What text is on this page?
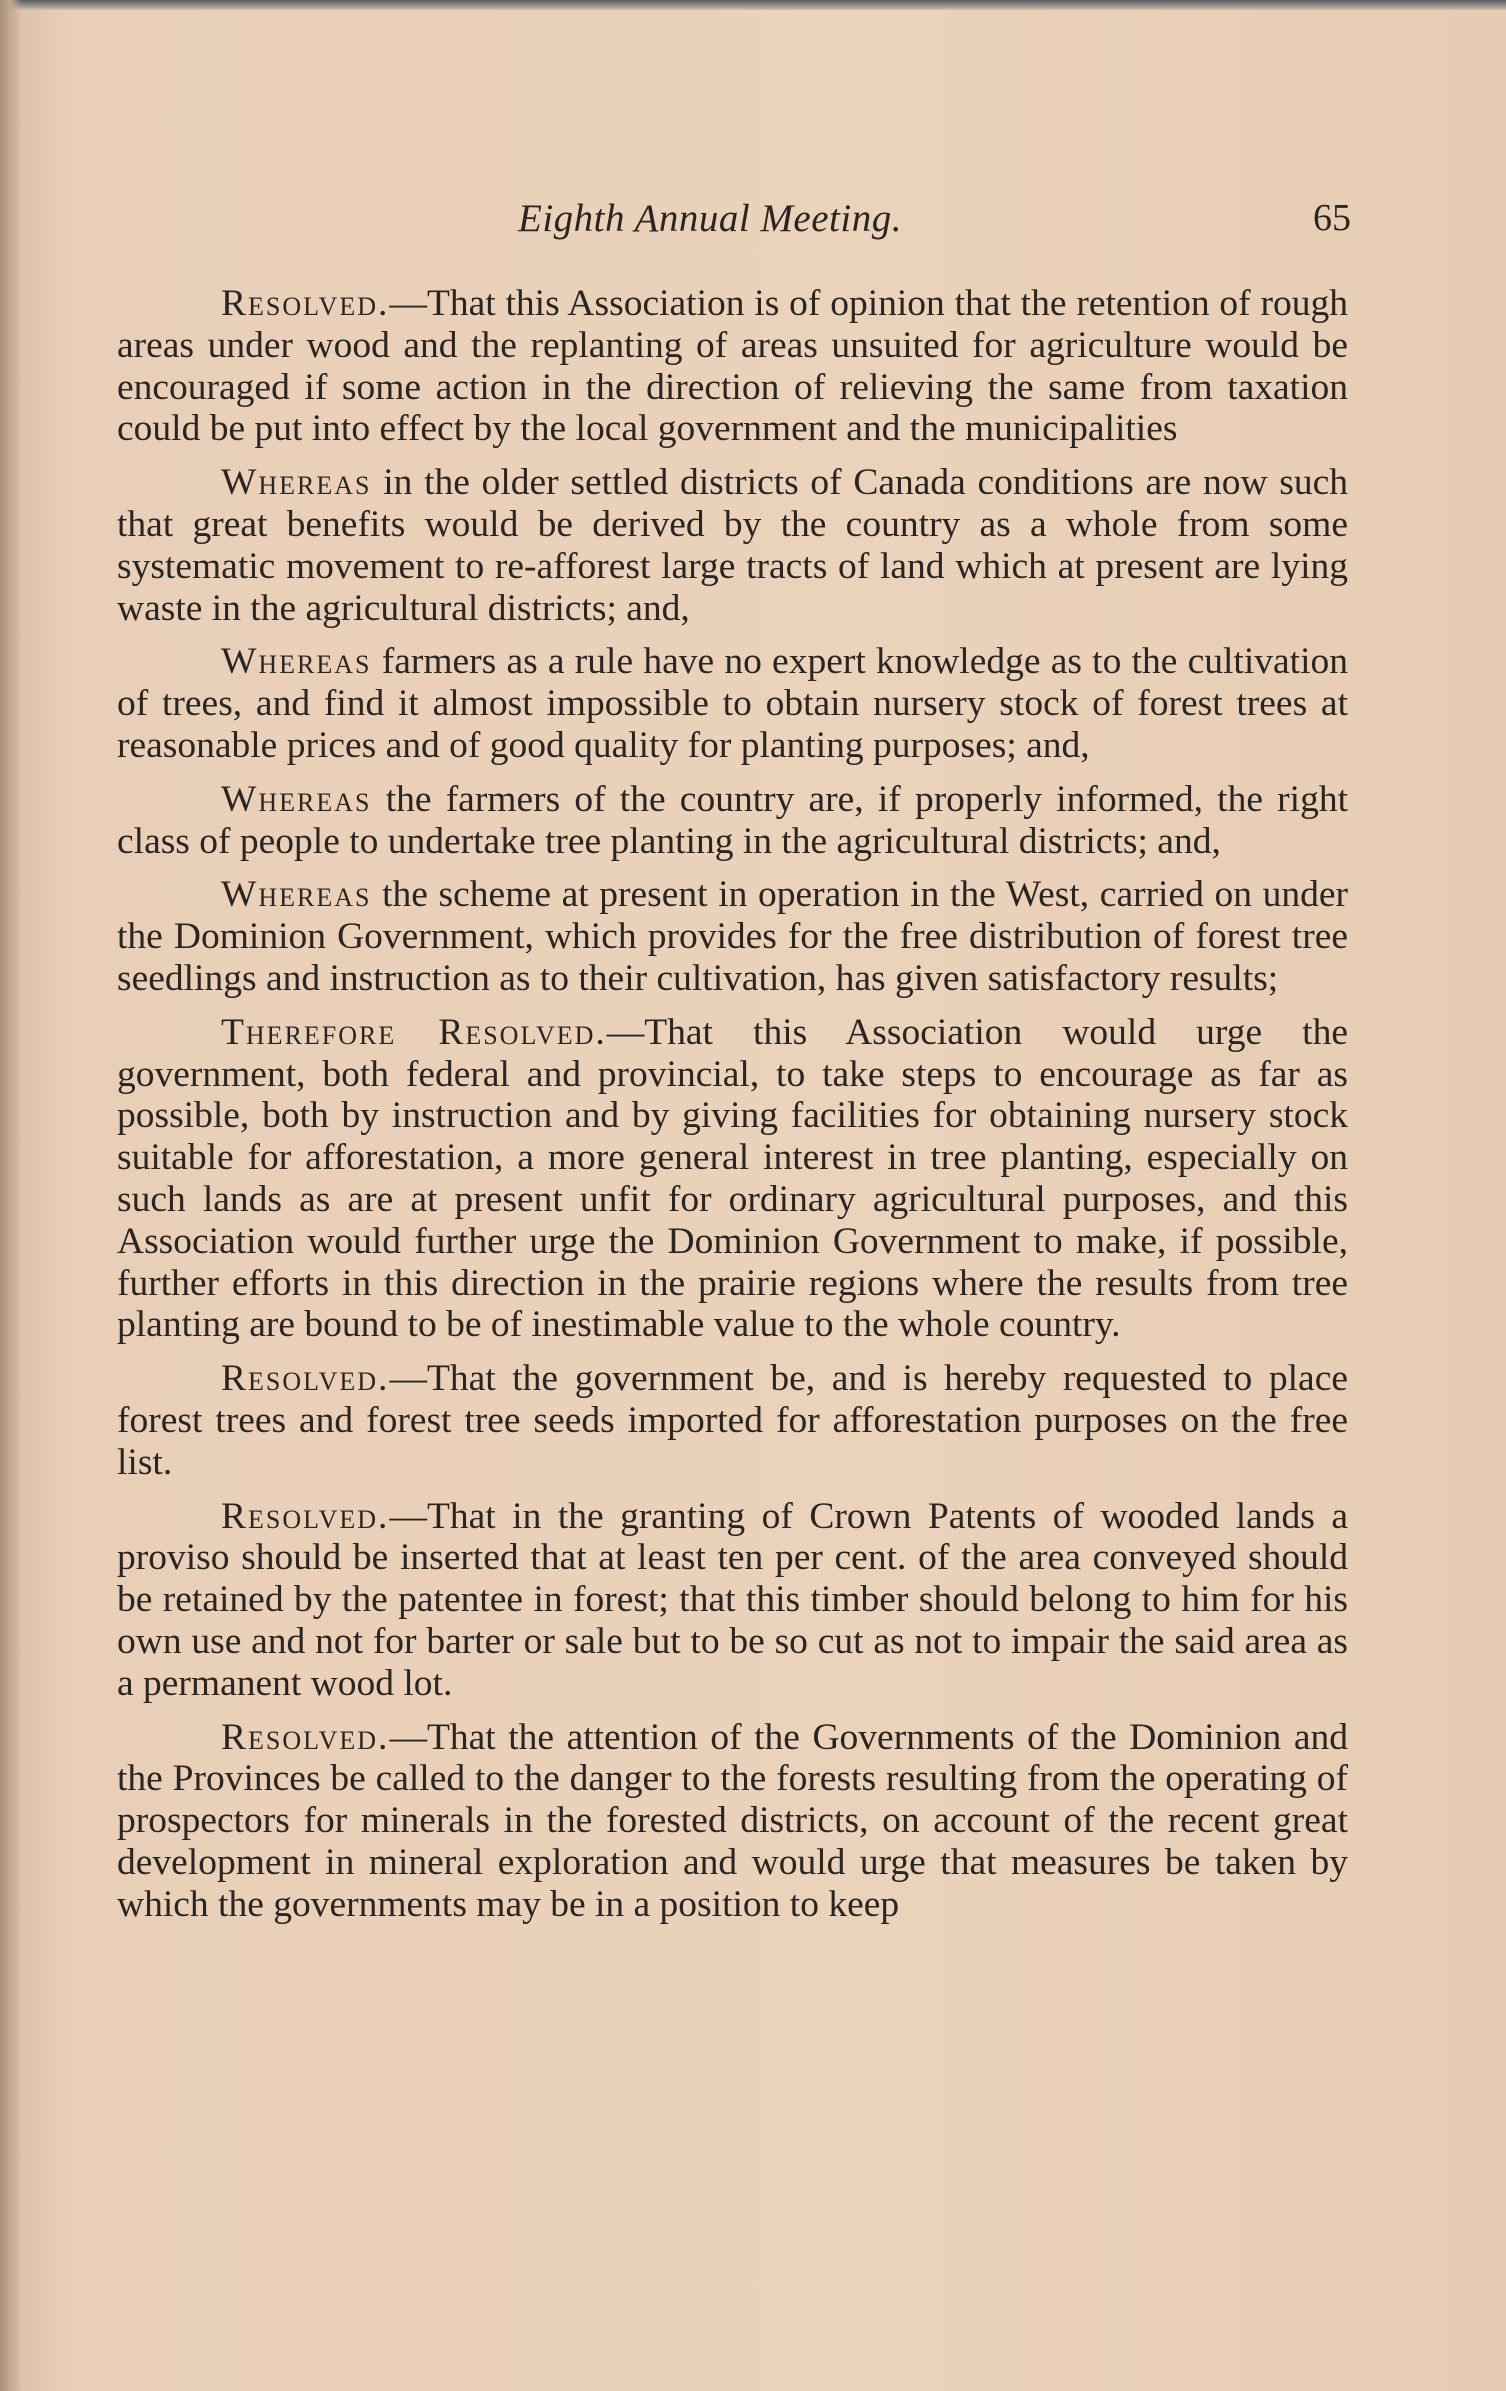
Eighth Annual Meeting.	65

Resolved.—That this Association is of opinion that the retention of rough areas under wood and the replanting of areas unsuited for agriculture would be encouraged if some action in the direction of relieving the same from taxation could be put into effect by the local government and the municipalities

Whereas in the older settled districts of Canada conditions are now such that great benefits would be derived by the country as a whole from some systematic movement to re-afforest large tracts of land which at present are lying waste in the agricultural districts; and,

Whereas farmers as a rule have no expert knowledge as to the cultivation of trees, and find it almost impossible to obtain nursery stock of forest trees at reasonable prices and of good quality for planting purposes; and,

Whereas the farmers of the country are, if properly informed, the right class of people to undertake tree planting in the agricultural districts; and,

Whereas the scheme at present in operation in the West, carried on under the Dominion Government, which provides for the free distribution of forest tree seedlings and instruction as to their cultivation, has given satisfactory results;

Therefore Resolved.—That this Association would urge the government, both federal and provincial, to take steps to encourage as far as possible, both by instruction and by giving facilities for obtaining nursery stock suitable for afforestation, a more general interest in tree planting, especially on such lands as are at present unfit for ordinary agricultural purposes, and this Association would further urge the Dominion Government to make, if possible, further efforts in this direction in the prairie regions where the results from tree planting are bound to be of inestimable value to the whole country.

Resolved.—That the government be, and is hereby requested to place forest trees and forest tree seeds imported for afforestation purposes on the free list.

Resolved.—That in the granting of Crown Patents of wooded lands a proviso should be inserted that at least ten per cent. of the area conveyed should be retained by the patentee in forest; that this timber should belong to him for his own use and not for barter or sale but to be so cut as not to impair the said area as a permanent wood lot.

Resolved.—That the attention of the Governments of the Dominion and the Provinces be called to the danger to the forests resulting from the operating of prospectors for minerals in the forested districts, on account of the recent great development in mineral exploration and would urge that measures be taken by which the governments may be in a position to keep
